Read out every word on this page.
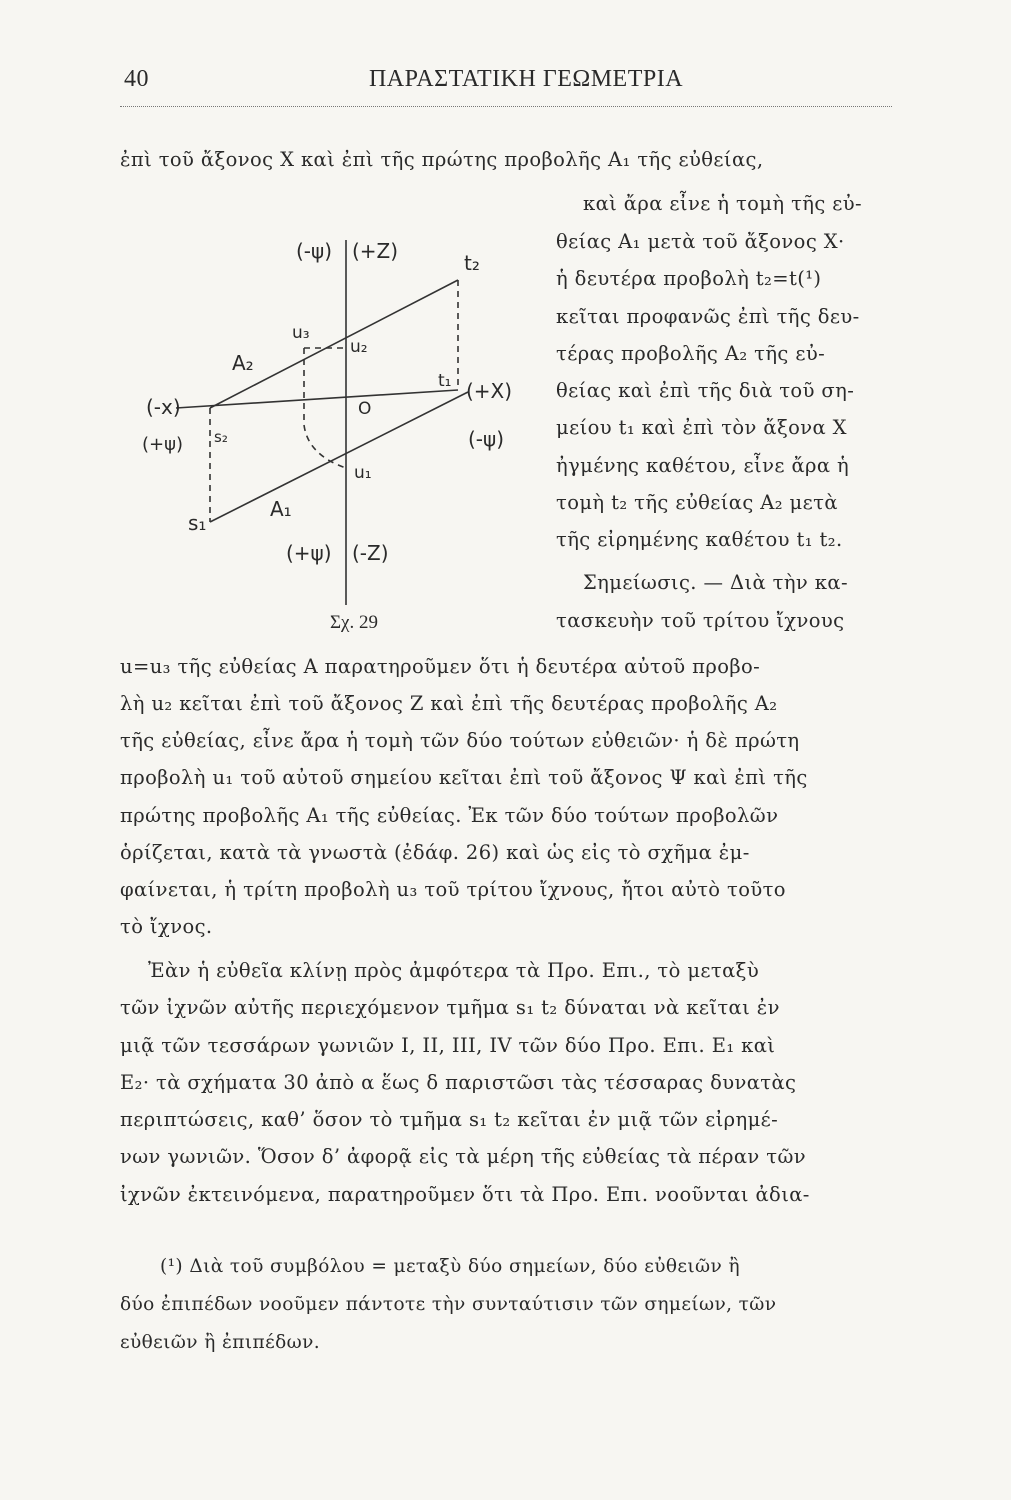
40	ΠΑΡΑΣΤΑΤΙΚΗ ΓΕΩΜΕΤΡΙΑ

ἐπὶ τοῦ ἄξονος X καὶ ἐπὶ τῆς πρώτης προβολῆς A₁ τῆς εὐθείας,

καὶ ἄρα εἶνε ἡ τομὴ τῆς εὐ-

θείας A₁ μετὰ τοῦ ἄξονος X·

ἡ δευτέρα προβολὴ t₂=t(¹)

κεῖται προφανῶς ἐπὶ τῆς δευ-

τέρας προβολῆς A₂ τῆς εὐ-

θείας καὶ ἐπὶ τῆς διὰ τοῦ ση-

μείου t₁ καὶ ἐπὶ τὸν ἄξονα X

ἠγμένης καθέτου, εἶνε ἄρα ἡ

τομὴ t₂ τῆς εὐθείας A₂ μετὰ

τῆς εἰρημένης καθέτου t₁ t₂.

Σημείωσις. — Διὰ τὴν κα-

τασκευὴν τοῦ τρίτου ἴχνους

(-ψ) (+Z)	t₂
u₃
u₂
A₂
(-x)	O
t₁ (+X)
(+ψ) s₂	(-ψ)
u₁
s₁
A₁
(+ψ) (-Z)
Σχ. 29

u=u₃ τῆς εὐθείας A παρατηροῦμεν ὅτι ἡ δευτέρα αὐτοῦ προβο-

λὴ u₂ κεῖται ἐπὶ τοῦ ἄξονος Z καὶ ἐπὶ τῆς δευτέρας προβολῆς A₂

τῆς εὐθείας, εἶνε ἄρα ἡ τομὴ τῶν δύο τούτων εὐθειῶν· ἡ δὲ πρώτη

προβολὴ u₁ τοῦ αὐτοῦ σημείου κεῖται ἐπὶ τοῦ ἄξονος Ψ καὶ ἐπὶ τῆς

πρώτης προβολῆς A₁ τῆς εὐθείας. Ἐκ τῶν δύο τούτων προβολῶν

ὁρίζεται, κατὰ τὰ γνωστὰ (ἐδάφ. 26) καὶ ὡς εἰς τὸ σχῆμα ἐμ-

φαίνεται, ἡ τρίτη προβολὴ u₃ τοῦ τρίτου ἴχνους, ἤτοι αὐτὸ τοῦτο

τὸ ἴχνος.

Ἐὰν ἡ εὐθεῖα κλίνῃ πρὸς ἀμφότερα τὰ Προ. Επι., τὸ μεταξὺ

τῶν ἰχνῶν αὐτῆς περιεχόμενον τμῆμα s₁ t₂ δύναται νὰ κεῖται ἐν

μιᾷ τῶν τεσσάρων γωνιῶν I, II, III, IV τῶν δύο Προ. Επι. E₁ καὶ

E₂· τὰ σχήματα 30 ἀπὸ α ἕως δ παριστῶσι τὰς τέσσαρας δυνατὰς

περιπτώσεις, καθ’ ὅσον τὸ τμῆμα s₁ t₂ κεῖται ἐν μιᾷ τῶν εἰρημέ-

νων γωνιῶν. Ὅσον δ’ ἀφορᾷ εἰς τὰ μέρη τῆς εὐθείας τὰ πέραν τῶν

ἰχνῶν ἐκτεινόμενα, παρατηροῦμεν ὅτι τὰ Προ. Επι. νοοῦνται ἀδια-

(¹) Διὰ τοῦ συμβόλου = μεταξὺ δύο σημείων, δύο εὐθειῶν ἢ

δύο ἐπιπέδων νοοῦμεν πάντοτε τὴν συνταύτισιν τῶν σημείων, τῶν

εὐθειῶν ἢ ἐπιπέδων.
